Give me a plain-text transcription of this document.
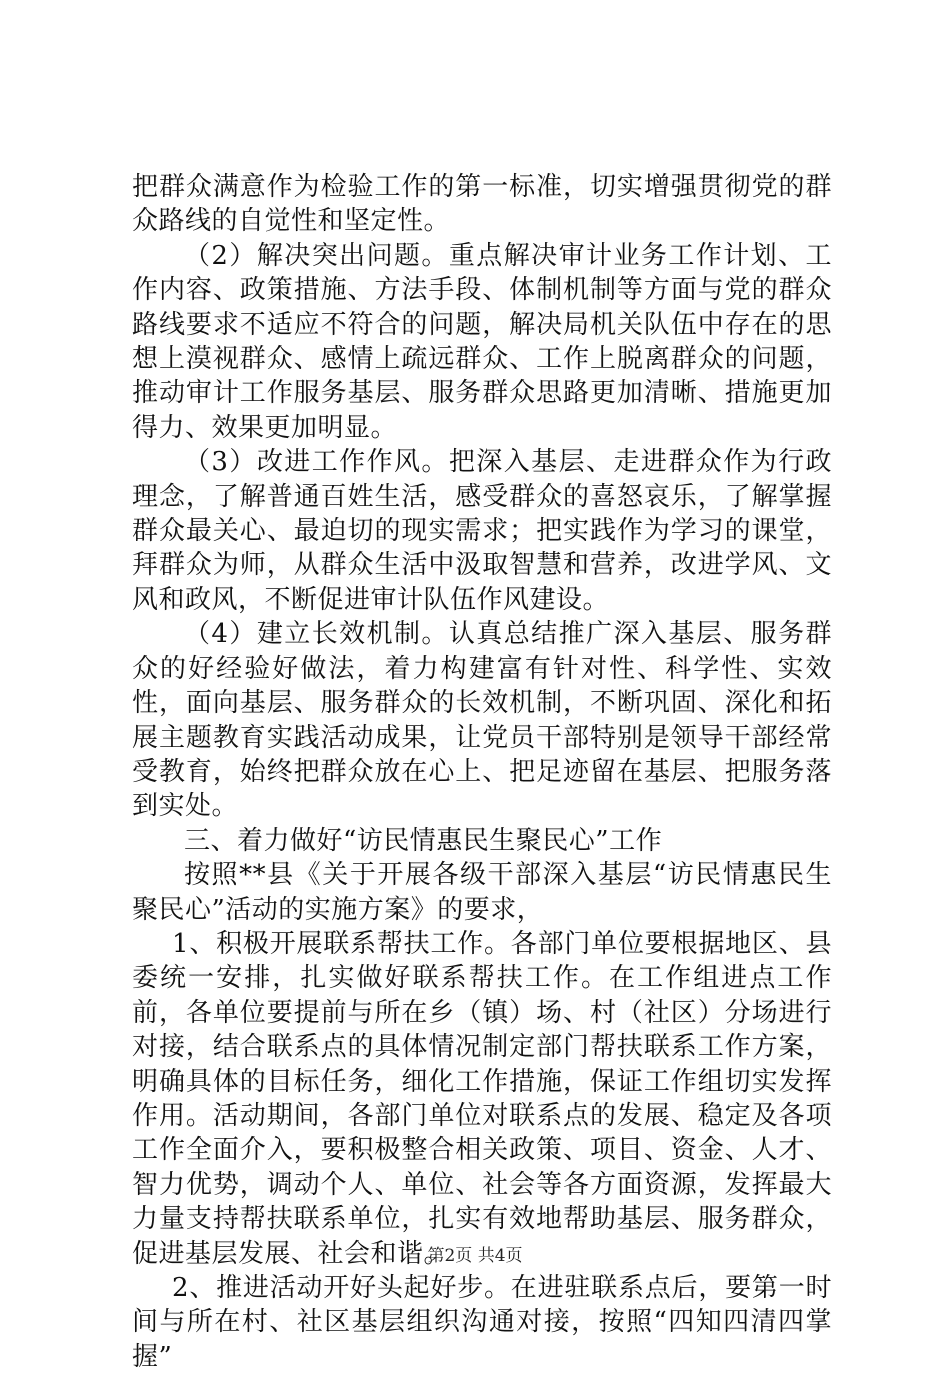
把群众满意作为检验工作的第一标准，切实增强贯彻党的群众路线的自觉性和坚定性。

（2）解决突出问题。重点解决审计业务工作计划、工作内容、政策措施、方法手段、体制机制等方面与党的群众路线要求不适应不符合的问题，解决局机关队伍中存在的思想上漠视群众、感情上疏远群众、工作上脱离群众的问题，推动审计工作服务基层、服务群众思路更加清晰、措施更加得力、效果更加明显。

（3）改进工作作风。把深入基层、走进群众作为行政理念，了解普通百姓生活，感受群众的喜怒哀乐，了解掌握群众最关心、最迫切的现实需求；把实践作为学习的课堂，拜群众为师，从群众生活中汲取智慧和营养，改进学风、文风和政风，不断促进审计队伍作风建设。

（4）建立长效机制。认真总结推广深入基层、服务群众的好经验好做法，着力构建富有针对性、科学性、实效性，面向基层、服务群众的长效机制，不断巩固、深化和拓展主题教育实践活动成果，让党员干部特别是领导干部经常受教育，始终把群众放在心上、把足迹留在基层、把服务落到实处。

三、着力做好“访民情惠民生聚民心”工作

按照**县《关于开展各级干部深入基层“访民情惠民生聚民心”活动的实施方案》的要求，

1、积极开展联系帮扶工作。各部门单位要根据地区、县委统一安排，扎实做好联系帮扶工作。在工作组进点工作前，各单位要提前与所在乡（镇）场、村（社区）分场进行对接，结合联系点的具体情况制定部门帮扶联系工作方案，明确具体的目标任务，细化工作措施，保证工作组切实发挥作用。活动期间，各部门单位对联系点的发展、稳定及各项工作全面介入，要积极整合相关政策、项目、资金、人才、智力优势，调动个人、单位、社会等各方面资源，发挥最大力量支持帮扶联系单位，扎实有效地帮助基层、服务群众，促进基层发展、社会和谐。

2、推进活动开好头起好步。在进驻联系点后，要第一时间与所在村、社区基层组织沟通对接，按照“四知四清四掌握”

第2页 共4页
